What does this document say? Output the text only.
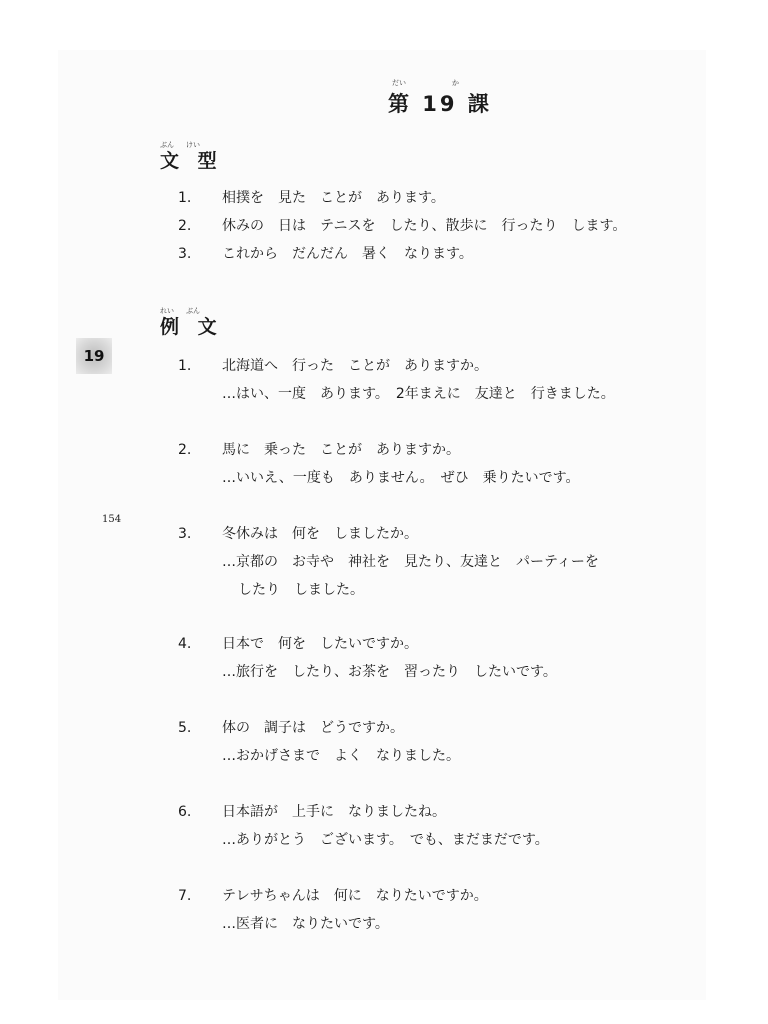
だい	か
第 19 課
ぶん けい
文 型
1. 相撲を　見た　ことが　あります。
2. 休みの　日は　テニスを　したり、散歩に　行ったり　します。
3. これから　だんだん　暑く　なります。
れい ぶん
例 文
19
154
1. 北海道へ　行った　ことが　ありますか。
…はい、一度　あります。　2年まえに　友達と　行きました。
2. 馬に　乗った　ことが　ありますか。
…いいえ、一度も　ありません。　ぜひ　乗りたいです。
3. 冬休みは　何を　しましたか。
…京都の　お寺や　神社を　見たり、友達と　パーティーを
したり　しました。
4. 日本で　何を　したいですか。
…旅行を　したり、お茶を　習ったり　したいです。
5. 体の　調子は　どうですか。
…おかげさまで　よく　なりました。
6. 日本語が　上手に　なりましたね。
…ありがとう　ございます。　でも、まだまだです。
7. テレサちゃんは　何に　なりたいですか。
…医者に　なりたいです。
